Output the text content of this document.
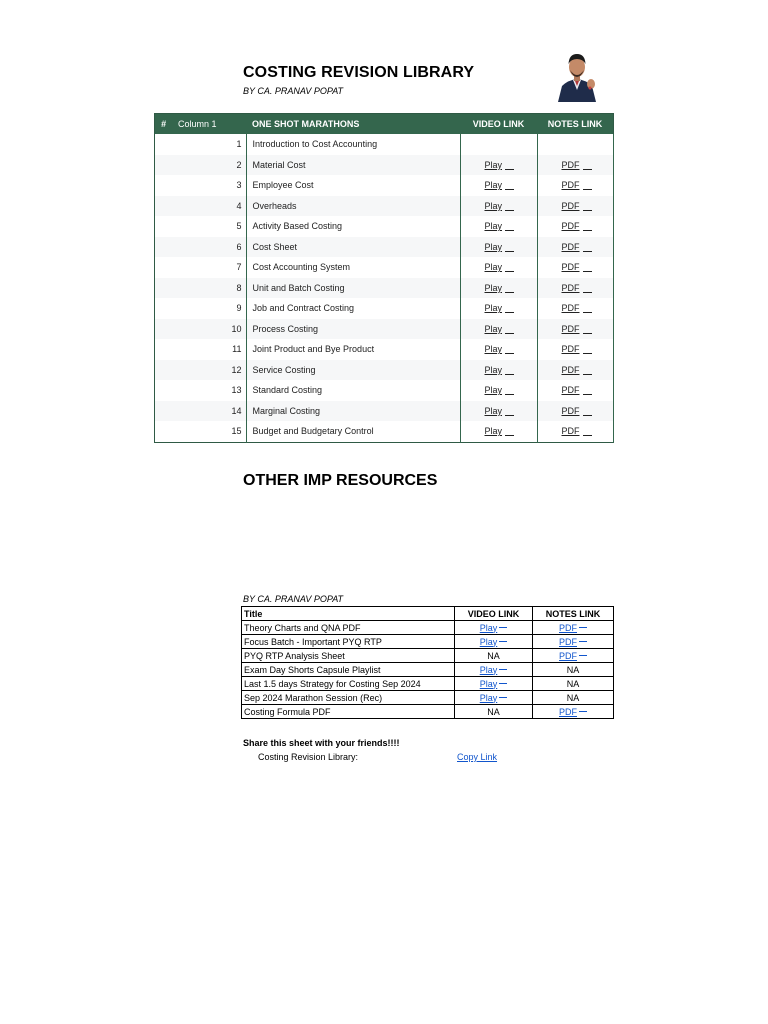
COSTING REVISION LIBRARY
BY CA. PRANAV POPAT
#	Column 1	ONE SHOT MARATHONS	VIDEO LINK	NOTES LINK
1		Introduction to Cost Accounting		
2		Material Cost	Play	PDF
3		Employee Cost	Play	PDF
4		Overheads	Play	PDF
5		Activity Based Costing	Play	PDF
6		Cost Sheet	Play	PDF
7		Cost Accounting System	Play	PDF
8		Unit and Batch Costing	Play	PDF
9		Job and Contract Costing	Play	PDF
10		Process Costing	Play	PDF
11		Joint Product and Bye Product	Play	PDF
12		Service Costing	Play	PDF
13		Standard Costing	Play	PDF
14		Marginal Costing	Play	PDF
15		Budget and Budgetary Control	Play	PDF
OTHER IMP RESOURCES
BY CA. PRANAV POPAT
Title	VIDEO LINK	NOTES LINK
Theory Charts and QNA PDF	Play	PDF
Focus Batch - Important PYQ RTP	Play	PDF
PYQ RTP Analysis Sheet	NA	PDF
Exam Day Shorts Capsule Playlist	Play	NA
Last 1.5 days Strategy for Costing Sep 2024	Play	NA
Sep 2024 Marathon Session (Rec)	Play	NA
Costing Formula PDF	NA	PDF
Share this sheet with your friends!!!!
Costing Revision Library:	Copy Link
